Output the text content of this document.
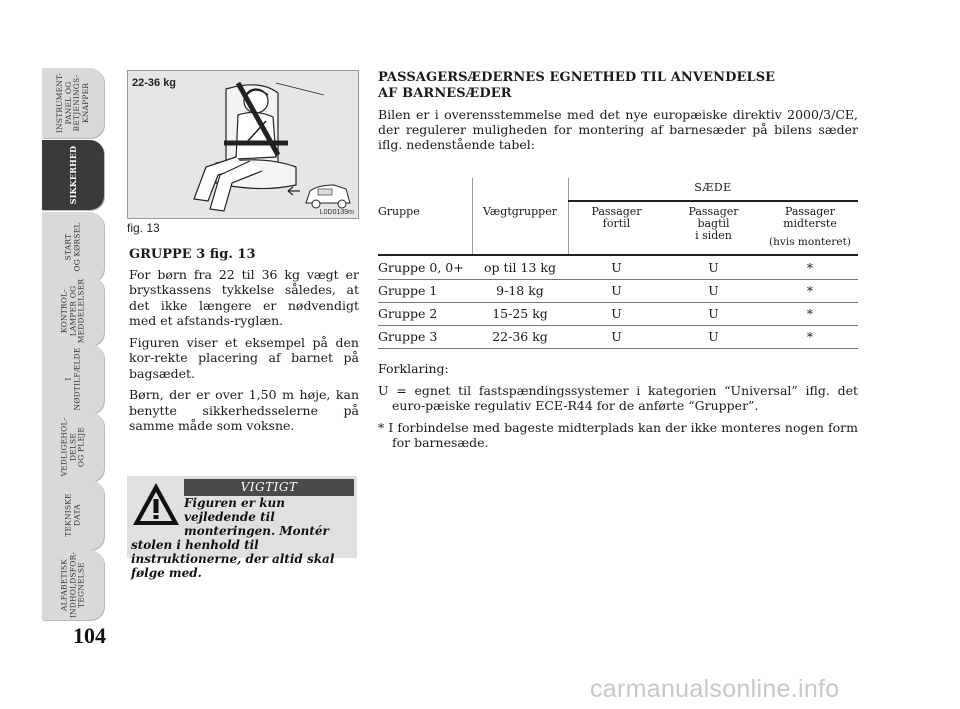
INSTRUMENT-
PANEL OG
BETJENINGS-
KNAPPER
SIKKERHED
START
OG KØRSEL
KONTROL-
LAMPER OG
MEDDELELSER
I
NØDTILFÆLDE
VEDLIGEHOL-
DELSE
OG PLEJE
TEKNISKE
DATA
ALFABETISK
INDHOLDSFOR-
TEGNELSE
104
22-36 kg
L0D0139m
fig. 13
GRUPPE 3 fig. 13

For børn fra 22 til 36 kg vægt er brystkassens tykkelse således, at det ikke længere er nødvendigt med et afstands-ryglæn.

Figuren viser et eksempel på den kor-rekte placering af barnet på bagsædet.

Børn, der er over 1,50 m høje, kan benytte sikkerhedsselerne på samme måde som voksne.

VIGTIGT
Figuren er kun vejledende til monteringen. Montér
stolen i henhold til instruktionerne, der altid skal følge med.
PASSAGERSÆDERNES EGNETHED TIL ANVENDELSE
AF BARNESÆDER

Bilen er i overensstemmelse med det nye europæiske direktiv 2000/3/CE, der regulerer muligheden for montering af barnesæder på bilens sæder iflg. nedenstående tabel:

Gruppe	Vægtgrupper
SÆDE
Passager
fortil
Passager
bagtil
i siden
Passager
midterste
(hvis monteret)
Gruppe 0, 0+	op til 13 kg	U	U	*
Gruppe 1	9-18 kg	U	U	*
Gruppe 2	15-25 kg	U	U	*
Gruppe 3	22-36 kg	U	U	*

Forklaring:

U = egnet til fastspændingssystemer i kategorien “Universal” iflg. det euro-pæiske regulativ ECE-R44 for de anførte “Grupper”.

* I forbindelse med bageste midterplads kan der ikke monteres nogen form for barnesæde.

carmanualsonline.info
